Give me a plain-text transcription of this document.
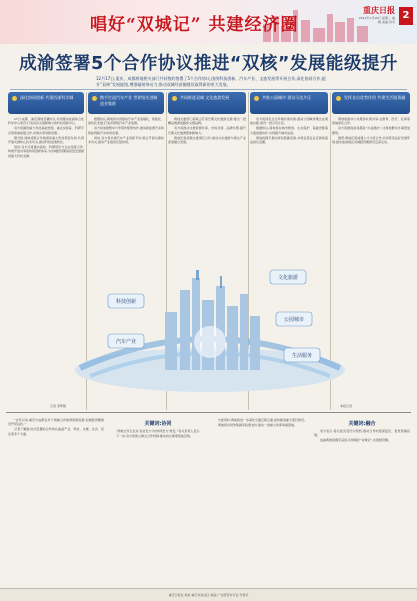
唱好“双城记” 共建经济圈
重庆日报
2022年1月18日 星期二 编辑 美编 校对
2
成渝签署5个合作协议推进“双核”发展能级提升
12月17日,重庆、成都两地相关部门共同签约签署了5个合作协议,围绕科技创新、汽车产业、文旅发展等开展合作,深化协同合作,提升“双核”发展能级,增强辐射带动力,推动双城经济圈建设取得新的更大发展。
深化协同创新 共建西部科学城

17日,成都、重庆两地签署协议,共同推动成渝综合性科学中心建设,打造具有全国影响力的科技创新中心。

双方将围绕重大科技基础设施、重点实验室、科研平台等领域加强合作,共建共享创新资源。

据介绍,两地将联合争取国家重大科技项目布局,共同开展关键核心技术攻关,推动科技成果转化。

同时,双方还将推动高校、科研院所与企业深度合作,构建开放共享的协同创新体系,为双城经济圈高质量发展提供强大科技支撑。

携手打造汽车产业 世界级先进制造业集群

根据协议,两地将共同推动汽车产业高端化、智能化、绿色化发展,打造世界级汽车产业集群。

双方将加强整车与零部件配套协作,推动新能源汽车和智能网联汽车协同发展。

同时,双方将共建汽车产业创新平台,联合开展关键技术攻关,推动产业链供应链协同。

共同推进双城 文化旅游发展

两地文旅部门将联合打造巴蜀文化旅游走廊,推出一批精品旅游线路和文旅品牌。

双方将推动文旅资源共享、市场共建、品牌共塑,提升巴蜀文化旅游整体影响力。

两地还将加强文旅项目合作,推动文化旅游与相关产业深度融合发展。

共推公园城市 建设示范片区

双方将深化生态环境共建共保,推动公园城市理念在两地实践,建设一批示范片区。

根据协议,两地将在城市规划、生态保护、基础设施等方面加强协作,共同提升城市品质。

两地将携手推动绿色低碳发展,共建宜居宜业宜游的高品质生活圈。

发挥各自优势作用 共建生活服务圈

两地将推动公共服务共建共享,在教育、医疗、社保等领域深化合作。

双方将推进政务服务“川渝通办”,让两地群众办事更加便利。

据悉,两地还将加强人才交流合作,共同营造良好发展环境,推动成渝地区双城经济圈建设走深走实。

科技创新
汽车产业
文化旅游
公园城市
生活服务
记者 李梦园	本报记者

“去年以来,重庆与成都在多个领域合作取得积极进展,双城经济圈建设开局良好。”

记者了解到,此次签署的合作协议涵盖产业、科技、文旅、生态、民生等多个方面。

关键词:协同

“两地合作正在从‘各自发力’向‘协同发力’转变。”有关负责人表示。

下一步,双方将建立健全合作机制,推动协议事项落地见效。

与此同时,两地将进一步深化交通互联互通,加快推进重大项目建设。

两地将共同争取国家政策支持,推动一批重大改革举措落地。	关键词:融合

双方表示,将以此次签约为契机,推动合作向更深层次、更宽领域拓展。

成渝两地将携手奋进,共同唱好“双城记”,共建经济圈。

重庆日报社 地址:重庆市渝北区 邮编 广告经营许可证 零售价
